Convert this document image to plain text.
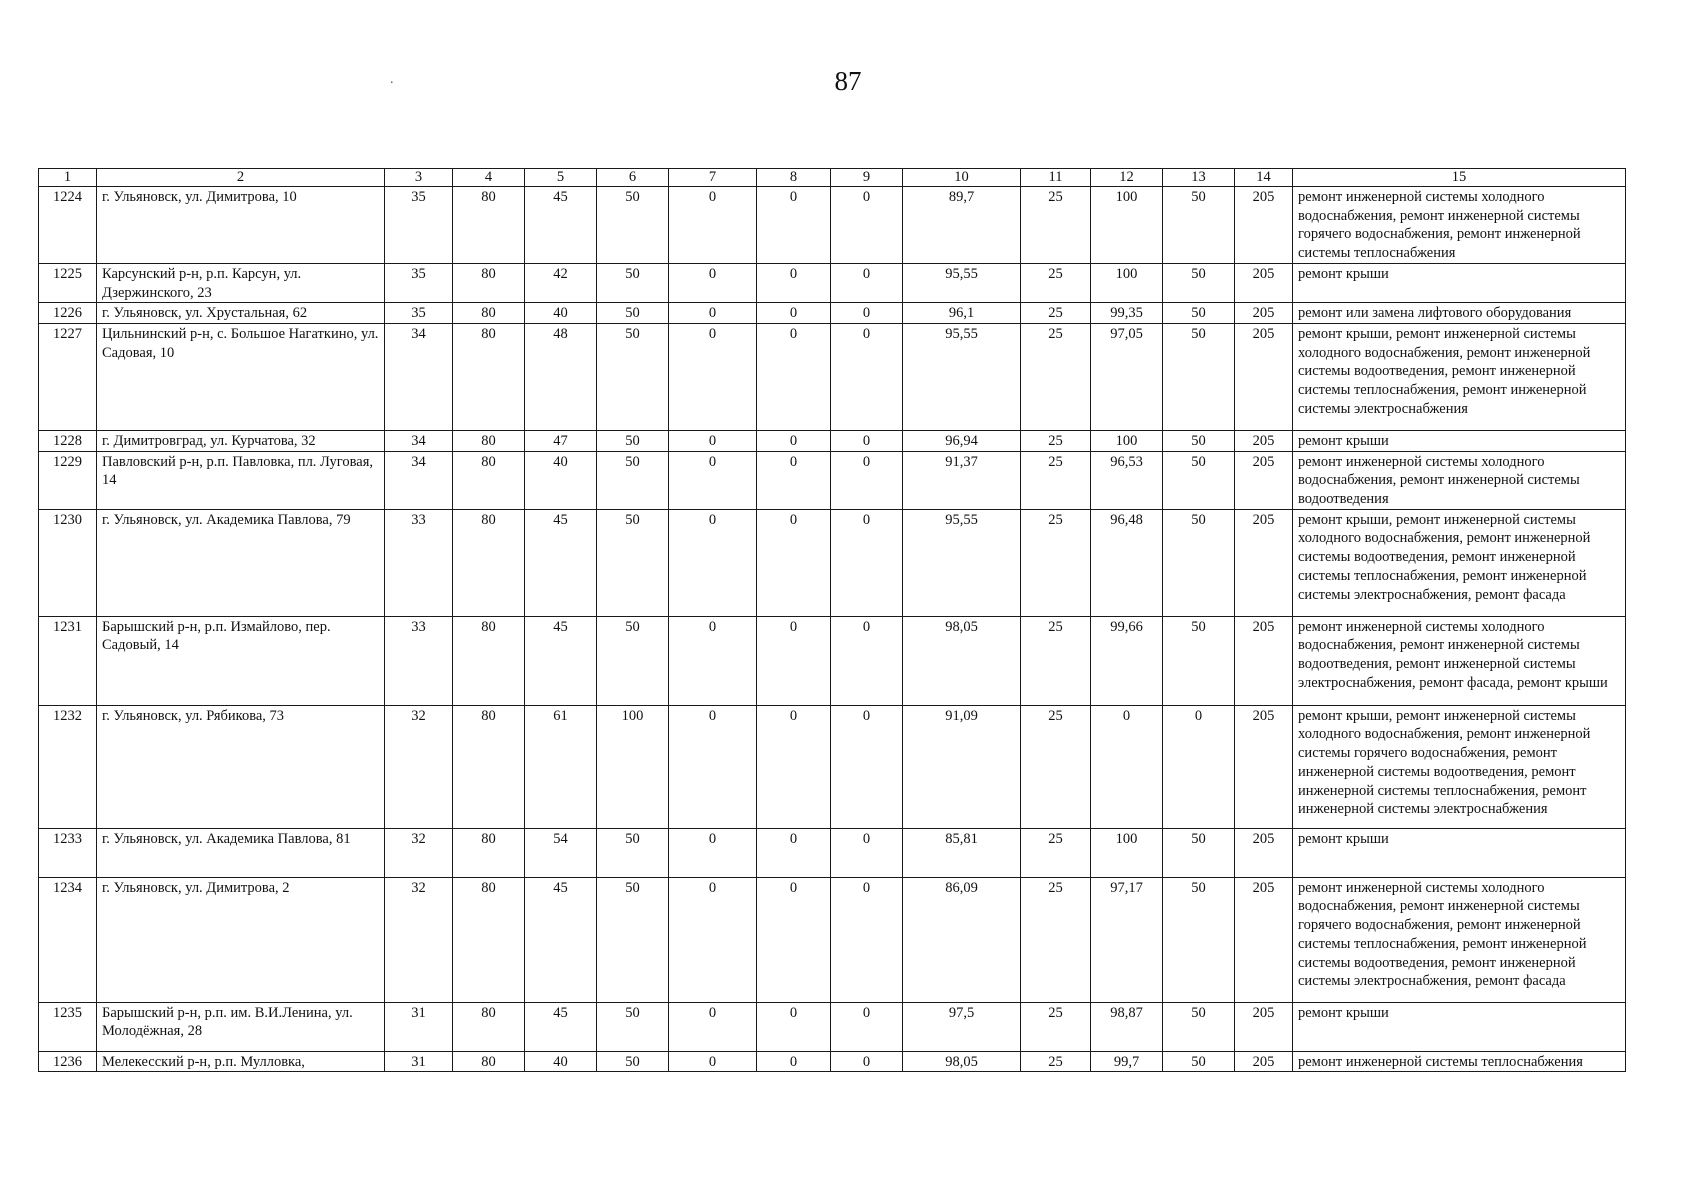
87
.
1	2	3	4	5	6	7	8	9	10	11	12	13	14	15
1224	г. Ульяновск, ул. Димитрова, 10	35	80	45	50	0	0	0	89,7	25	100	50	205	ремонт инженерной системы холодного водоснабжения, ремонт инженерной системы горячего водоснабжения, ремонт инженерной системы теплоснабжения
1225	Карсунский р-н, р.п. Карсун, ул. Дзержинского, 23	35	80	42	50	0	0	0	95,55	25	100	50	205	ремонт крыши
1226	г. Ульяновск, ул. Хрустальная, 62	35	80	40	50	0	0	0	96,1	25	99,35	50	205	ремонт или замена лифтового оборудования
1227	Цильнинский р-н, с. Большое Нагаткино, ул. Садовая, 10	34	80	48	50	0	0	0	95,55	25	97,05	50	205	ремонт крыши, ремонт инженерной системы холодного водоснабжения, ремонт инженерной системы водоотведения, ремонт инженерной системы теплоснабжения, ремонт инженерной системы электроснабжения
1228	г. Димитровград, ул. Курчатова, 32	34	80	47	50	0	0	0	96,94	25	100	50	205	ремонт крыши
1229	Павловский р-н, р.п. Павловка, пл. Луговая, 14	34	80	40	50	0	0	0	91,37	25	96,53	50	205	ремонт инженерной системы холодного водоснабжения, ремонт инженерной системы водоотведения
1230	г. Ульяновск, ул. Академика Павлова, 79	33	80	45	50	0	0	0	95,55	25	96,48	50	205	ремонт крыши, ремонт инженерной системы холодного водоснабжения, ремонт инженерной системы водоотведения, ремонт инженерной системы теплоснабжения, ремонт инженерной системы электроснабжения, ремонт фасада
1231	Барышский р-н, р.п. Измайлово, пер. Садовый, 14	33	80	45	50	0	0	0	98,05	25	99,66	50	205	ремонт инженерной системы холодного водоснабжения, ремонт инженерной системы водоотведения, ремонт инженерной системы электроснабжения, ремонт фасада, ремонт крыши
1232	г. Ульяновск, ул. Рябикова, 73	32	80	61	100	0	0	0	91,09	25	0	0	205	ремонт крыши, ремонт инженерной системы холодного водоснабжения, ремонт инженерной системы горячего водоснабжения, ремонт инженерной системы водоотведения, ремонт инженерной системы теплоснабжения, ремонт инженерной системы электроснабжения
1233	г. Ульяновск, ул. Академика Павлова, 81	32	80	54	50	0	0	0	85,81	25	100	50	205	ремонт крыши
1234	г. Ульяновск, ул. Димитрова, 2	32	80	45	50	0	0	0	86,09	25	97,17	50	205	ремонт инженерной системы холодного водоснабжения, ремонт инженерной системы горячего водоснабжения, ремонт инженерной системы теплоснабжения, ремонт инженерной системы водоотведения, ремонт инженерной системы электроснабжения, ремонт фасада
1235	Барышский р-н, р.п. им. В.И.Ленина, ул. Молодёжная, 28	31	80	45	50	0	0	0	97,5	25	98,87	50	205	ремонт крыши
1236	Мелекесский р-н, р.п. Мулловка,	31	80	40	50	0	0	0	98,05	25	99,7	50	205	ремонт инженерной системы теплоснабжения
